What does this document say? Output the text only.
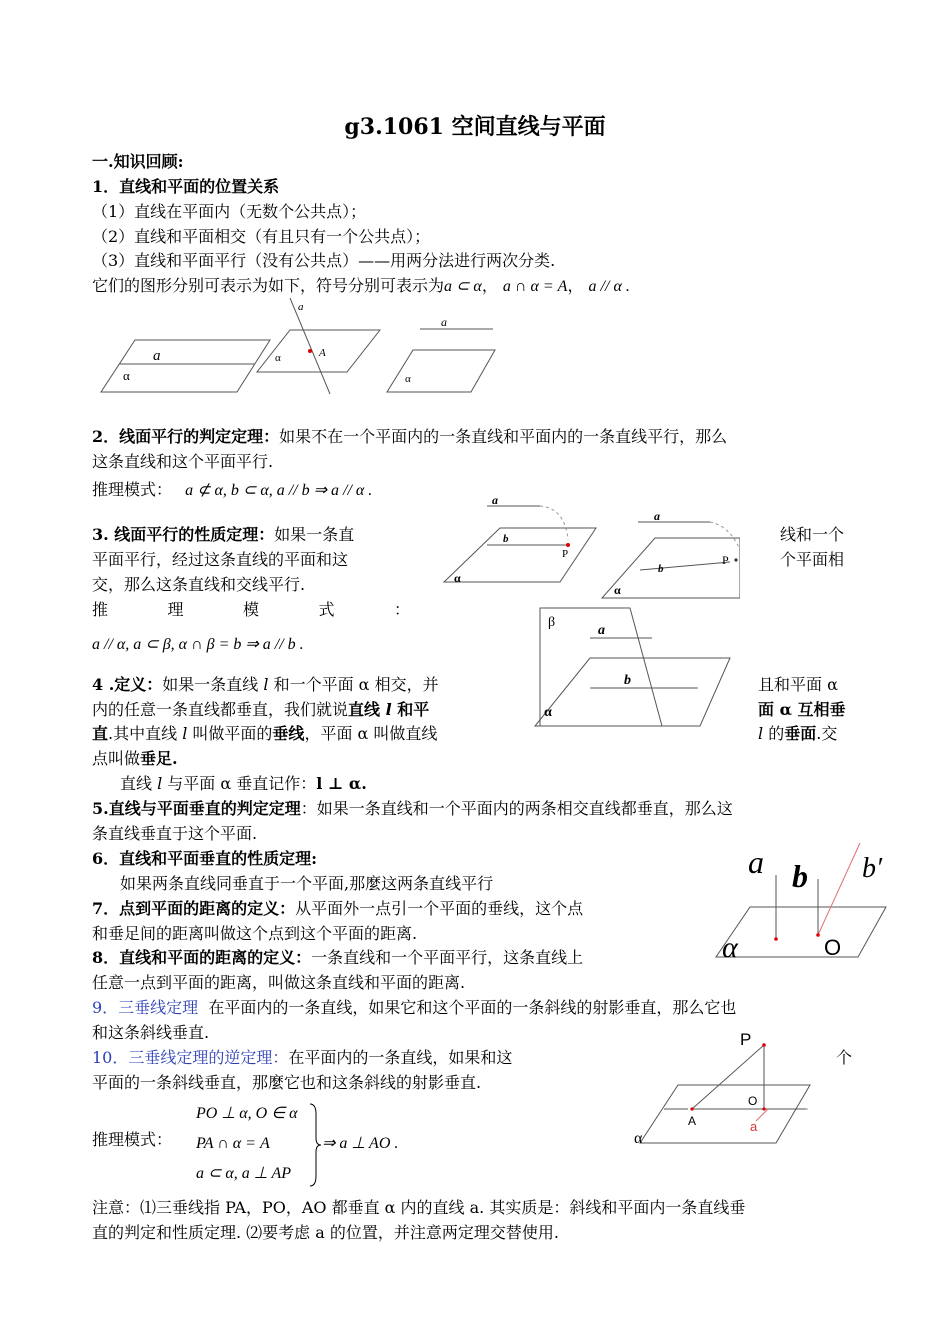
g3.1061 空间直线与平面
一.知识回顾:
1．直线和平面的位置关系
（1）直线在平面内（无数个公共点）；
（2）直线和平面相交（有且只有一个公共点）；
（3）直线和平面平行（没有公共点）——用两分法进行两次分类.
它们的图形分别可表示为如下，符号分别可表示为a ⊂ α， a ∩ α = A， a // α .
a
α
a
A
α
a
α
2．线面平行的判定定理：如果不在一个平面内的一条直线和平面内的一条直线平行，那么
这条直线和这个平面平行.
推理模式： a ⊄ α, b ⊂ α, a // b ⇒ a // α .
3. 线面平行的性质定理：如果一条直	线和一个
平面平行，经过这条直线的平面和这	个平面相
交，那么这条直线和交线平行.
推	理	模	式	：
a // α, a ⊂ β, α ∩ β = b ⇒ a // b .
a
b
P
α
a
b
P
α
a
b
β
α
4 .定义：如果一条直线 l 和一个平面 α 相交，并	且和平面 α
内的任意一条直线都垂直，我们就说直线 l 和平	面 α 互相垂
直.其中直线 l 叫做平面的垂线，平面 α 叫做直线	l 的垂面.交
点叫做垂足.
直线 l 与平面 α 垂直记作：l ⊥ α.
5.直线与平面垂直的判定定理：如果一条直线和一个平面内的两条相交直线都垂直，那么这
条直线垂直于这个平面.
6．直线和平面垂直的性质定理:
如果两条直线同垂直于一个平面,那麼这两条直线平行
a b b′
α	O
7．点到平面的距离的定义：从平面外一点引一个平面的垂线，这个点
和垂足间的距离叫做这个点到这个平面的距离.
8．直线和平面的距离的定义：一条直线和一个平面平行，这条直线上
任意一点到平面的距离，叫做这条直线和平面的距离.
9．三垂线定理 在平面内的一条直线，如果它和这个平面的一条斜线的射影垂直，那么它也
和这条斜线垂直.
10．三垂线定理的逆定理：在平面内的一条直线，如果和这	个
平面的一条斜线垂直，那麼它也和这条斜线的射影垂直.
推理模式：
PO ⊥ α, O ∈ α
PA ∩ α = A
a ⊂ α, a ⊥ AP
⇒ a ⊥ AO .
P
O
A	a
α
注意：⑴三垂线指 PA，PO，AO 都垂直 α 内的直线 a. 其实质是：斜线和平面内一条直线垂
直的判定和性质定理. ⑵要考虑 a 的位置，并注意两定理交替使用.
